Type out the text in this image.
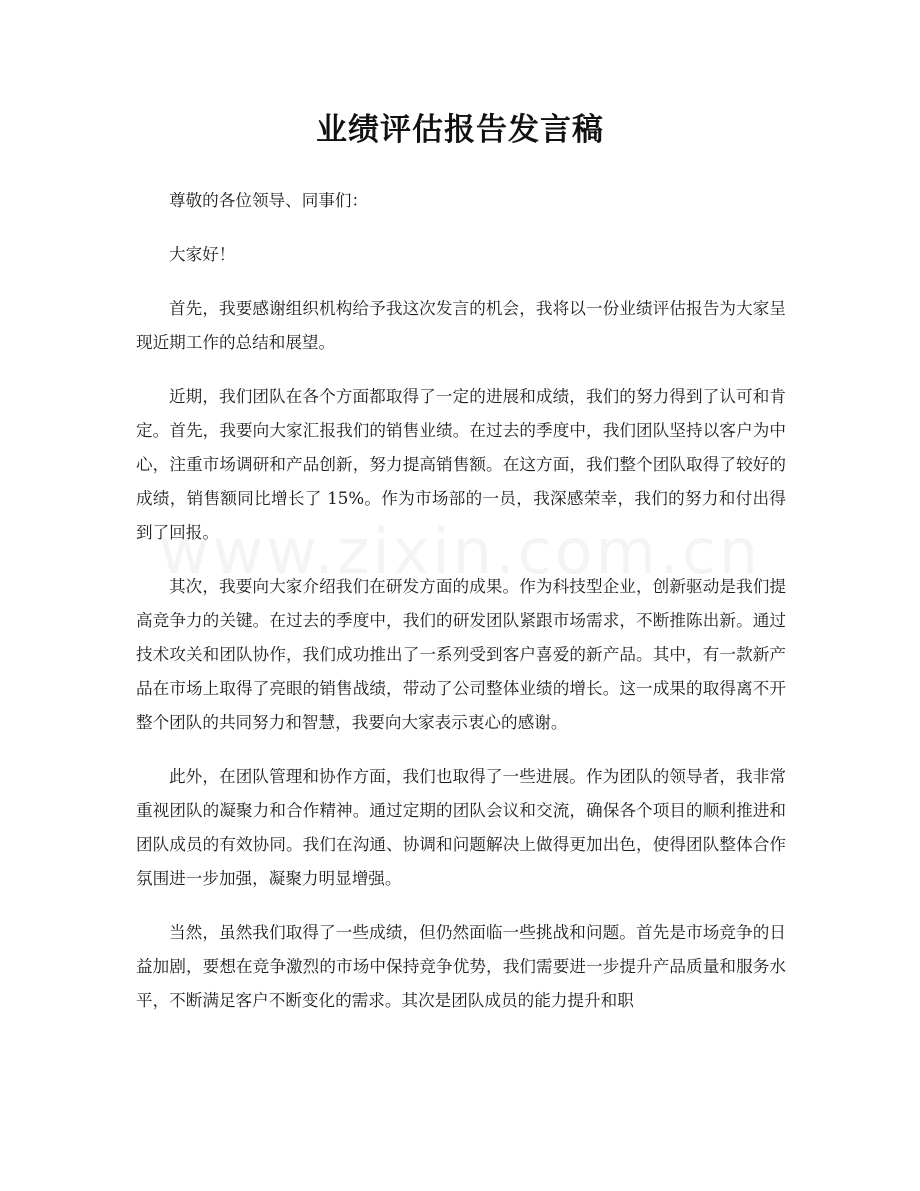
业绩评估报告发言稿

尊敬的各位领导、同事们：

大家好！

首先，我要感谢组织机构给予我这次发言的机会，我将以一份业绩评估报告为大家呈现近期工作的总结和展望。

近期，我们团队在各个方面都取得了一定的进展和成绩，我们的努力得到了认可和肯定。首先，我要向大家汇报我们的销售业绩。在过去的季度中，我们团队坚持以客户为中心，注重市场调研和产品创新，努力提高销售额。在这方面，我们整个团队取得了较好的成绩，销售额同比增长了 15%。作为市场部的一员，我深感荣幸，我们的努力和付出得到了回报。

其次，我要向大家介绍我们在研发方面的成果。作为科技型企业，创新驱动是我们提高竞争力的关键。在过去的季度中，我们的研发团队紧跟市场需求，不断推陈出新。通过技术攻关和团队协作，我们成功推出了一系列受到客户喜爱的新产品。其中，有一款新产品在市场上取得了亮眼的销售战绩，带动了公司整体业绩的增长。这一成果的取得离不开整个团队的共同努力和智慧，我要向大家表示衷心的感谢。

此外，在团队管理和协作方面，我们也取得了一些进展。作为团队的领导者，我非常重视团队的凝聚力和合作精神。通过定期的团队会议和交流，确保各个项目的顺利推进和团队成员的有效协同。我们在沟通、协调和问题解决上做得更加出色，使得团队整体合作氛围进一步加强，凝聚力明显增强。

当然，虽然我们取得了一些成绩，但仍然面临一些挑战和问题。首先是市场竞争的日益加剧，要想在竞争激烈的市场中保持竞争优势，我们需要进一步提升产品质量和服务水平，不断满足客户不断变化的需求。其次是团队成员的能力提升和职
